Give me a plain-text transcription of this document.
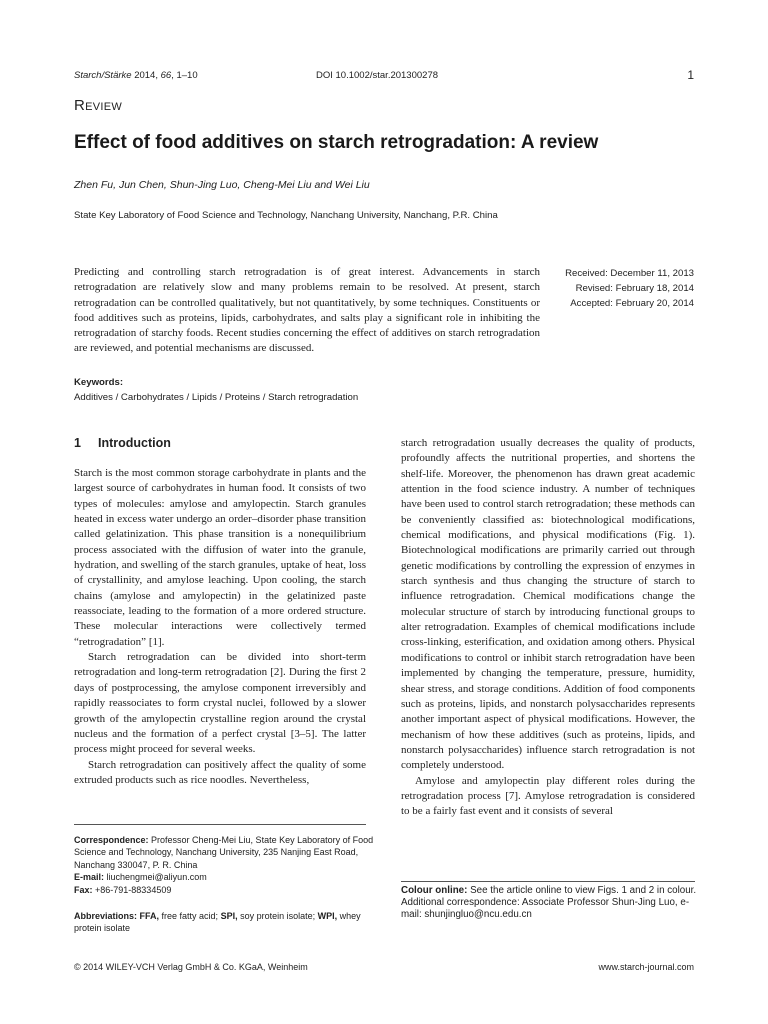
Starch/Stärke 2014, 66, 1–10	DOI 10.1002/star.201300278	1
Review
Effect of food additives on starch retrogradation: A review
Zhen Fu, Jun Chen, Shun-Jing Luo, Cheng-Mei Liu and Wei Liu
State Key Laboratory of Food Science and Technology, Nanchang University, Nanchang, P.R. China
Predicting and controlling starch retrogradation is of great interest. Advancements in starch retrogradation are relatively slow and many problems remain to be resolved. At present, starch retrogradation can be controlled qualitatively, but not quantitatively, by some techniques. Constituents or food additives such as proteins, lipids, carbohydrates, and salts play a significant role in inhibiting the retrogradation of starchy foods. Recent studies concerning the effect of additives on starch retrogradation are reviewed, and potential mechanisms are discussed.
Received: December 11, 2013
Revised: February 18, 2014
Accepted: February 20, 2014
Keywords:
Additives / Carbohydrates / Lipids / Proteins / Starch retrogradation
1 Introduction

Starch is the most common storage carbohydrate in plants and the largest source of carbohydrates in human food. It consists of two types of molecules: amylose and amylopectin. Starch granules heated in excess water undergo an order–disorder phase transition called gelatinization. This phase transition is a nonequilibrium process associated with the diffusion of water into the granule, hydration, and swelling of the starch granules, uptake of heat, loss of crystallinity, and amylose leaching. Upon cooling, the starch chains (amylose and amylopectin) in the gelatinized paste reassociate, leading to the formation of a more ordered structure. These molecular interactions were collectively termed “retrogradation” [1].

Starch retrogradation can be divided into short-term retrogradation and long-term retrogradation [2]. During the first 2 days of postprocessing, the amylose component irreversibly and rapidly reassociates to form crystal nuclei, followed by a slower growth of the amylopectin crystalline region around the crystal nucleus and the formation of a perfect crystal [3–5]. The latter process might proceed for several weeks.

Starch retrogradation can positively affect the quality of some extruded products such as rice noodles. Nevertheless,

starch retrogradation usually decreases the quality of products, profoundly affects the nutritional properties, and shortens the shelf-life. Moreover, the phenomenon has drawn great academic attention in the food science industry. A number of techniques have been used to control starch retrogradation; these methods can be conveniently classified as: biotechnological modifications, chemical modifications, and physical modifications (Fig. 1). Biotechnological modifications are primarily carried out through genetic modifications by controlling the expression of enzymes in starch synthesis and thus changing the structure of starch to influence retrogradation. Chemical modifications change the molecular structure of starch by introducing functional groups to alter retrogradation. Examples of chemical modifications include cross-linking, esterification, and oxidation among others. Physical modifications to control or inhibit starch retrogradation have been implemented by changing the temperature, pressure, humidity, shear stress, and storage conditions. Addition of food components such as proteins, lipids, and nonstarch polysaccharides represents another important aspect of physical modifications. However, the mechanism of how these additives (such as proteins, lipids, and nonstarch polysaccharides) influence starch retrogradation is not completely understood.

Amylose and amylopectin play different roles during the retrogradation process [7]. Amylose retrogradation is considered to be a fairly fast event and it consists of several

Correspondence: Professor Cheng-Mei Liu, State Key Laboratory of Food Science and Technology, Nanchang University, 235 Nanjing East Road, Nanchang 330047, P. R. China
E-mail: liuchengmei@aliyun.com
Fax: +86-791-88334509
Abbreviations: FFA, free fatty acid; SPI, soy protein isolate; WPI, whey protein isolate
Colour online: See the article online to view Figs. 1 and 2 in colour.
Additional correspondence: Associate Professor Shun-Jing Luo, e-mail: shunjingluo@ncu.edu.cn
© 2014 WILEY-VCH Verlag GmbH & Co. KGaA, Weinheim	www.starch-journal.com
